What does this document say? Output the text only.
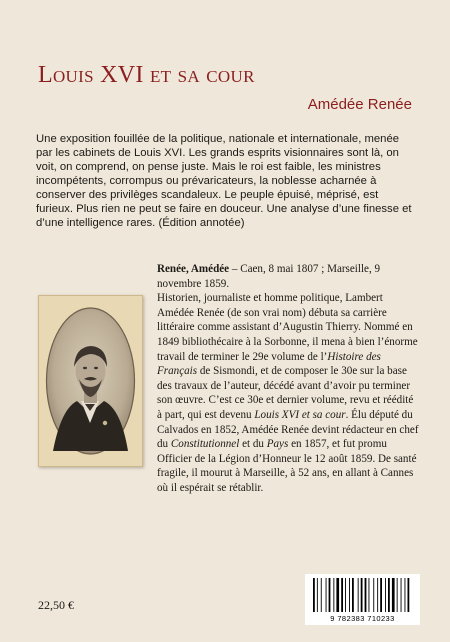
Louis XVI et sa cour
Amédée Renée
Une exposition fouillée de la politique, nationale et internationale, menée par les cabinets de Louis XVI. Les grands esprits visionnaires sont là, on voit, on comprend, on pense juste. Mais le roi est faible, les ministres incompétents, corrompus ou prévaricateurs, la noblesse acharnée à conserver des privilèges scandaleux. Le peuple épuisé, méprisé, est furieux. Plus rien ne peut se faire en douceur. Une analyse d’une finesse et d’une intelligence rares. (Édition annotée)
Renée, Amédée – Caen, 8 mai 1807 ; Marseille, 9 novembre 1859.
Historien, journaliste et homme politique, Lambert Amédée Renée (de son vrai nom) débuta sa carrière littéraire comme assistant d’Augustin Thierry. Nommé en 1849 bibliothécaire à la Sorbonne, il mena à bien l’énorme travail de terminer le 29e volume de l’Histoire des Français de Sismondi, et de composer le 30e sur la base des travaux de l’auteur, décédé avant d’avoir pu terminer son œuvre. C’est ce 30e et dernier volume, revu et réédité à part, qui est devenu Louis XVI et sa cour. Élu député du Calvados en 1852, Amédée Renée devint rédacteur en chef du Constitutionnel et du Pays en 1857, et fut promu Officier de la Légion d’Honneur le 12 août 1859. De santé fragile, il mourut à Marseille, à 52 ans, en allant à Cannes où il espérait se rétablir.
22,50 €
9 782383 710233
